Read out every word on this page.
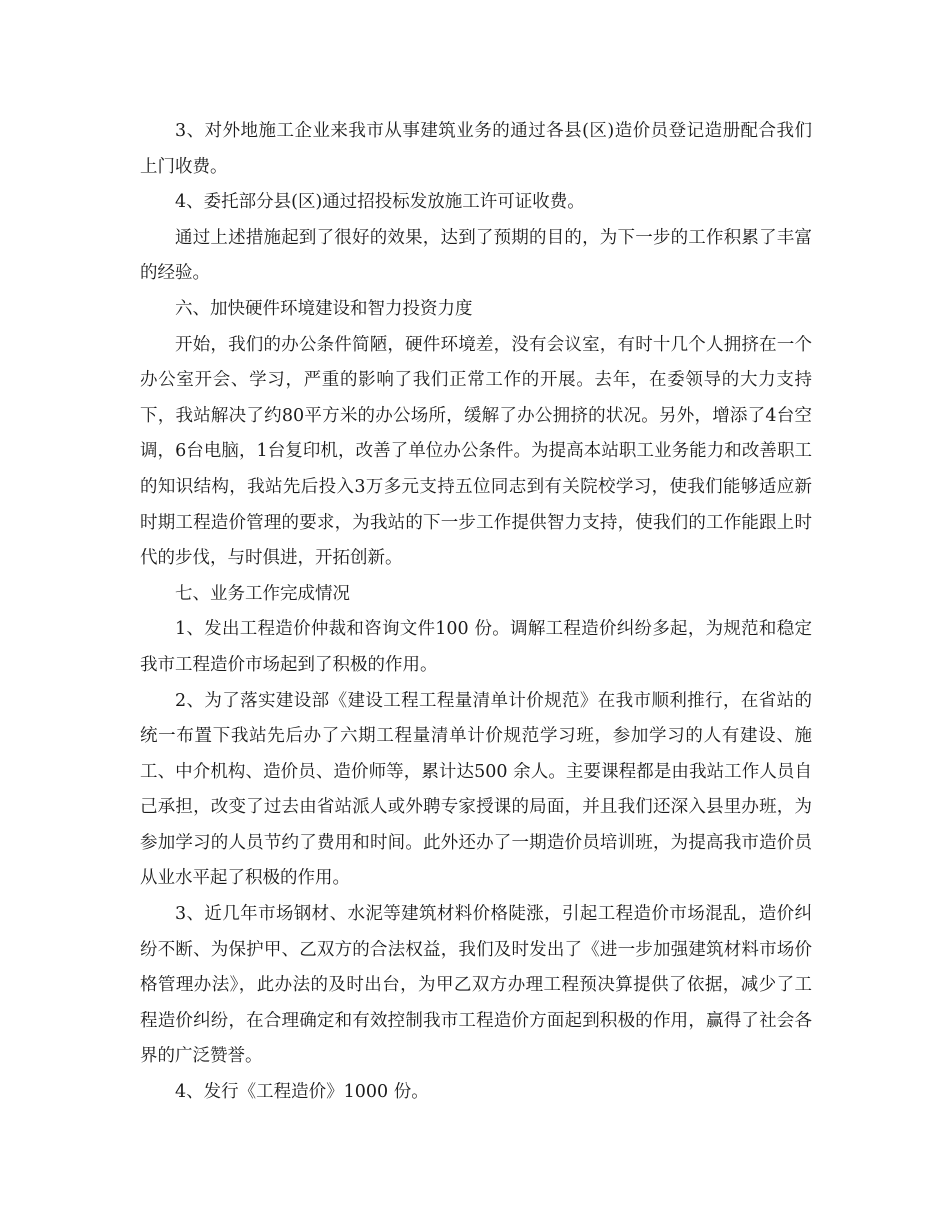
3、对外地施工企业来我市从事建筑业务的通过各县(区)造价员登记造册配合我们上门收费。

4、委托部分县(区)通过招投标发放施工许可证收费。

通过上述措施起到了很好的效果，达到了预期的目的，为下一步的工作积累了丰富的经验。

六、加快硬件环境建设和智力投资力度

开始，我们的办公条件简陋，硬件环境差，没有会议室，有时十几个人拥挤在一个办公室开会、学习，严重的影响了我们正常工作的开展。去年，在委领导的大力支持下，我站解决了约80平方米的办公场所，缓解了办公拥挤的状况。另外，增添了4台空调，6台电脑，1台复印机，改善了单位办公条件。为提高本站职工业务能力和改善职工的知识结构，我站先后投入3万多元支持五位同志到有关院校学习，使我们能够适应新时期工程造价管理的要求，为我站的下一步工作提供智力支持，使我们的工作能跟上时代的步伐，与时俱进，开拓创新。

七、业务工作完成情况

1、发出工程造价仲裁和咨询文件100 份。调解工程造价纠纷多起，为规范和稳定我市工程造价市场起到了积极的作用。

2、为了落实建设部《建设工程工程量清单计价规范》在我市顺利推行，在省站的统一布置下我站先后办了六期工程量清单计价规范学习班，参加学习的人有建设、施工、中介机构、造价员、造价师等，累计达500 余人。主要课程都是由我站工作人员自己承担，改变了过去由省站派人或外聘专家授课的局面，并且我们还深入县里办班，为参加学习的人员节约了费用和时间。此外还办了一期造价员培训班，为提高我市造价员从业水平起了积极的作用。

3、近几年市场钢材、水泥等建筑材料价格陡涨，引起工程造价市场混乱，造价纠纷不断、为保护甲、乙双方的合法权益，我们及时发出了《进一步加强建筑材料市场价格管理办法》，此办法的及时出台，为甲乙双方办理工程预决算提供了依据，减少了工程造价纠纷，在合理确定和有效控制我市工程造价方面起到积极的作用，赢得了社会各界的广泛赞誉。

4、发行《工程造价》1000 份。
